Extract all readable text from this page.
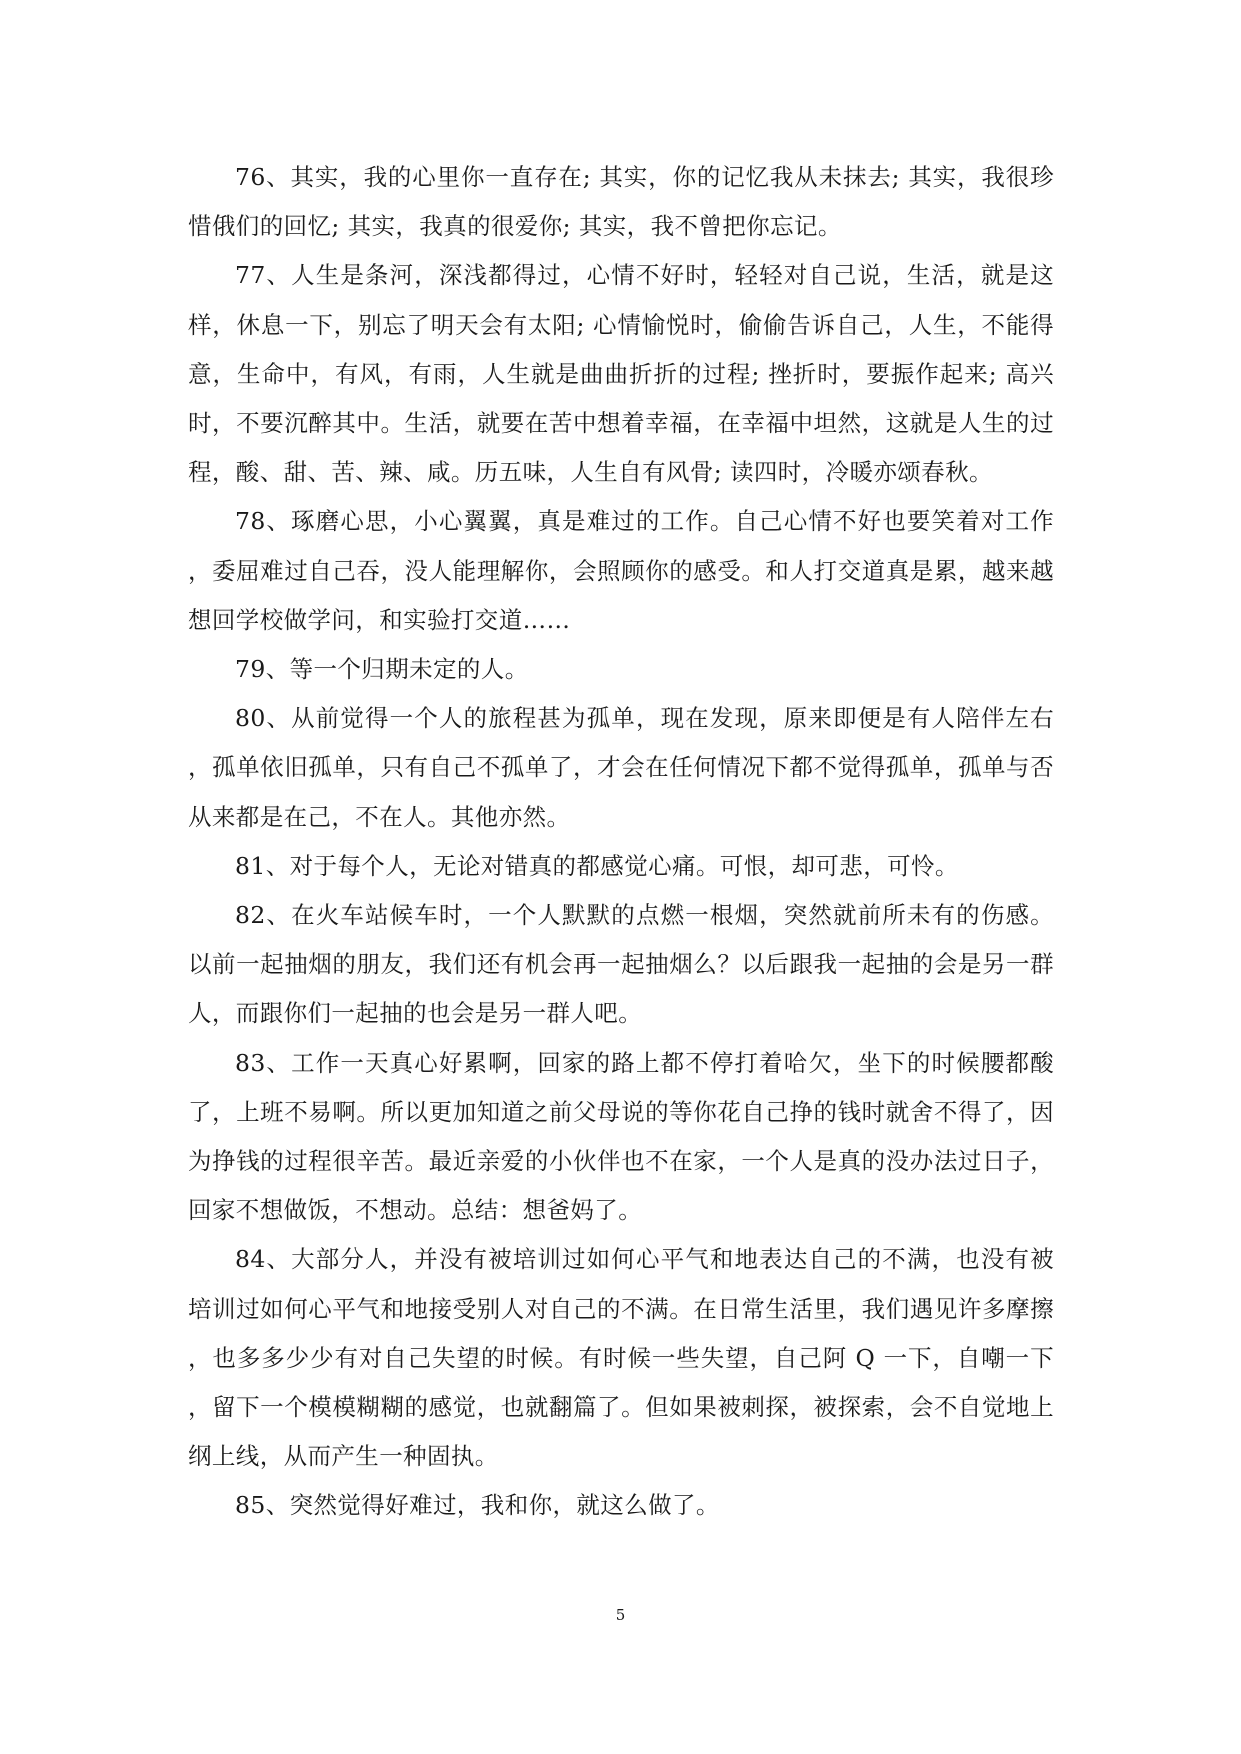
76、其实，我的心里你一直存在; 其实，你的记忆我从未抹去; 其实，我很珍惜俄们的回忆; 其实，我真的很爱你; 其实，我不曾把你忘记。

77、人生是条河，深浅都得过，心情不好时，轻轻对自己说，生活，就是这样，休息一下，别忘了明天会有太阳; 心情愉悦时，偷偷告诉自己，人生，不能得意，生命中，有风，有雨，人生就是曲曲折折的过程; 挫折时，要振作起来; 高兴时，不要沉醉其中。生活，就要在苦中想着幸福，在幸福中坦然，这就是人生的过程，酸、甜、苦、辣、咸。历五味，人生自有风骨; 读四时，冷暖亦颂春秋。

78、琢磨心思，小心翼翼，真是难过的工作。自己心情不好也要笑着对工作，委屈难过自己吞，没人能理解你，会照顾你的感受。和人打交道真是累，越来越想回学校做学问，和实验打交道……

79、等一个归期未定的人。

80、从前觉得一个人的旅程甚为孤单，现在发现，原来即便是有人陪伴左右，孤单依旧孤单，只有自己不孤单了，才会在任何情况下都不觉得孤单，孤单与否从来都是在己，不在人。其他亦然。

81、对于每个人，无论对错真的都感觉心痛。可恨，却可悲，可怜。

82、在火车站候车时，一个人默默的点燃一根烟，突然就前所未有的伤感。以前一起抽烟的朋友，我们还有机会再一起抽烟么？以后跟我一起抽的会是另一群人，而跟你们一起抽的也会是另一群人吧。

83、工作一天真心好累啊，回家的路上都不停打着哈欠，坐下的时候腰都酸了，上班不易啊。所以更加知道之前父母说的等你花自己挣的钱时就舍不得了，因为挣钱的过程很辛苦。最近亲爱的小伙伴也不在家，一个人是真的没办法过日子，回家不想做饭，不想动。总结：想爸妈了。

84、大部分人，并没有被培训过如何心平气和地表达自己的不满，也没有被培训过如何心平气和地接受别人对自己的不满。在日常生活里，我们遇见许多摩擦，也多多少少有对自己失望的时候。有时候一些失望，自己阿 Q 一下，自嘲一下，留下一个模模糊糊的感觉，也就翻篇了。但如果被刺探，被探索，会不自觉地上纲上线，从而产生一种固执。

85、突然觉得好难过，我和你，就这么做了。

5
